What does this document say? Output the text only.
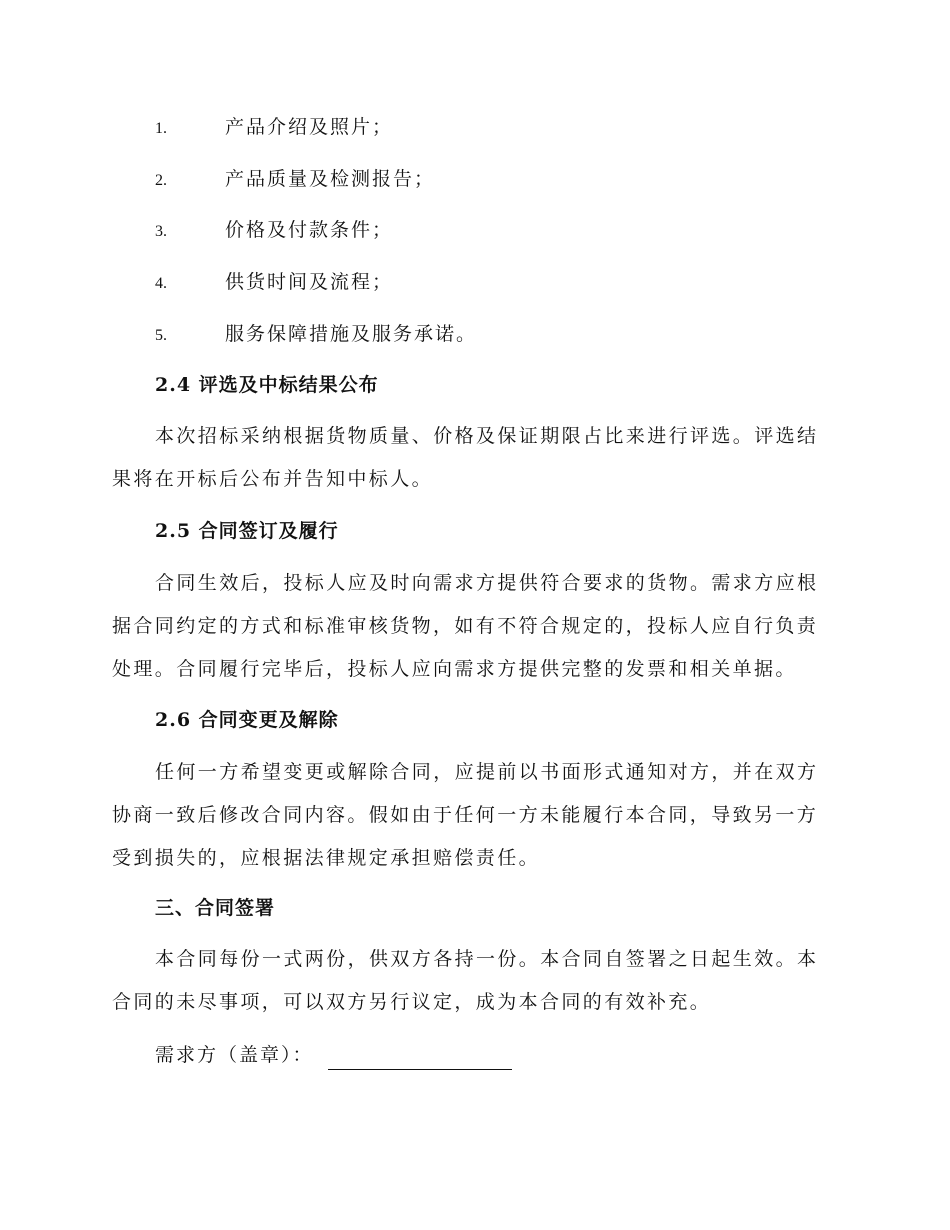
1.	产品介绍及照片；
2.	产品质量及检测报告；
3.	价格及付款条件；
4.	供货时间及流程；
5.	服务保障措施及服务承诺。
2.4 评选及中标结果公布

本次招标采纳根据货物质量、价格及保证期限占比来进行评选。评选结果将在开标后公布并告知中标人。

2.5 合同签订及履行

合同生效后，投标人应及时向需求方提供符合要求的货物。需求方应根据合同约定的方式和标准审核货物，如有不符合规定的，投标人应自行负责处理。合同履行完毕后，投标人应向需求方提供完整的发票和相关单据。

2.6 合同变更及解除

任何一方希望变更或解除合同，应提前以书面形式通知对方，并在双方协商一致后修改合同内容。假如由于任何一方未能履行本合同，导致另一方受到损失的，应根据法律规定承担赔偿责任。

三、合同签署

本合同每份一式两份，供双方各持一份。本合同自签署之日起生效。本合同的未尽事项，可以双方另行议定，成为本合同的有效补充。

需求方（盖章）：
